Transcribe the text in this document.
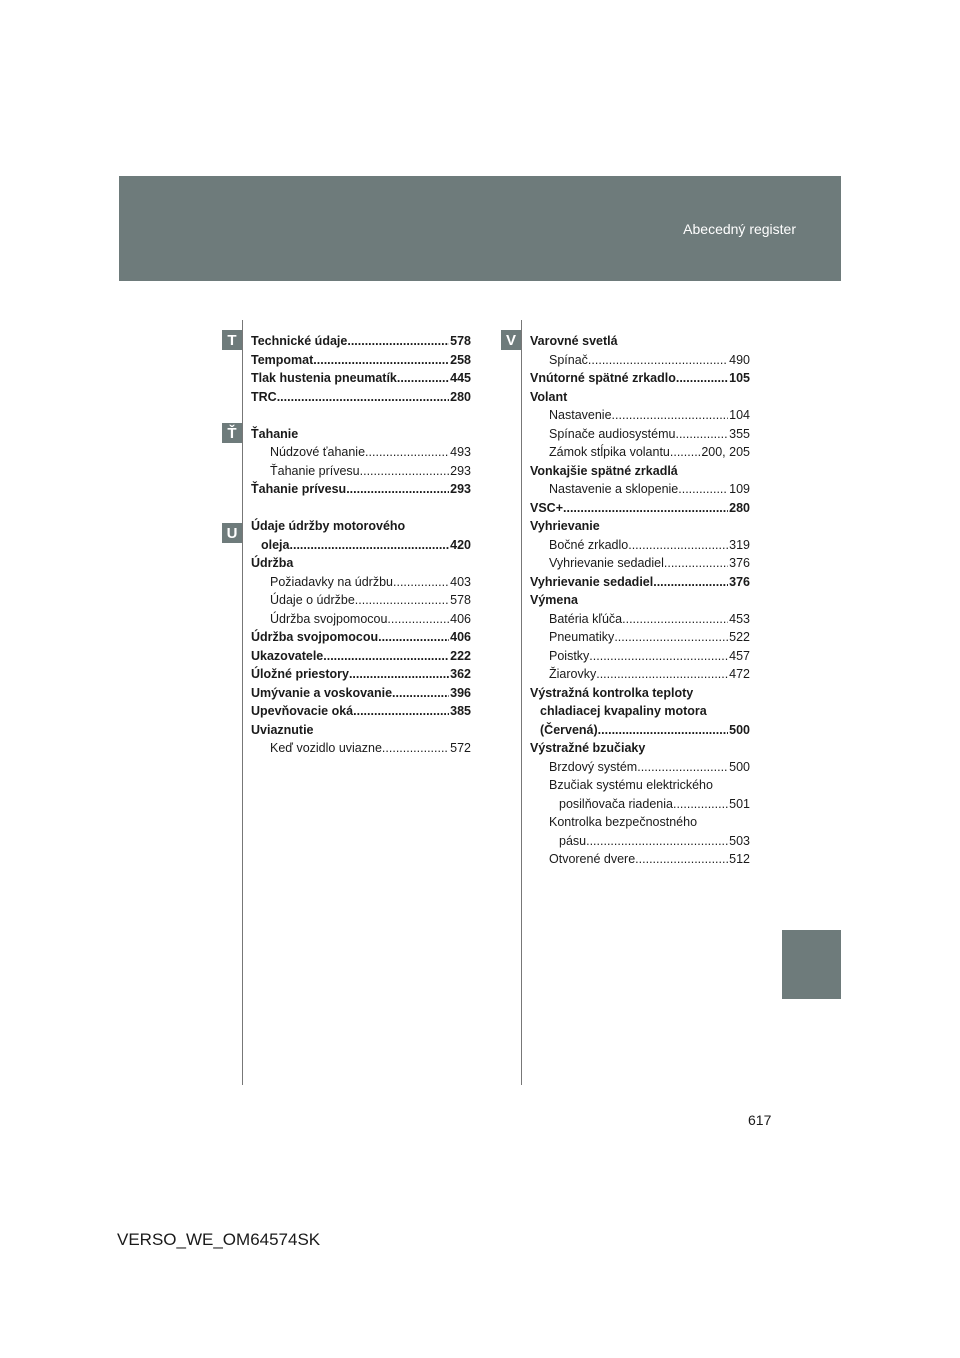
Abecedný register
T
Ť
U
V
Technické údaje .....	578
Tempomat .....	258
Tlak hustenia pneumatík .....	445
TRC .....	280
Ťahanie
Núdzové ťahanie .....	493
Ťahanie prívesu .....	293
Ťahanie prívesu .....	293
Údaje údržby motorového
oleja .....	420
Údržba
Požiadavky na údržbu .....	403
Údaje o údržbe .....	578
Údržba svojpomocou .....	406
Údržba svojpomocou .....	406
Ukazovatele .....	222
Úložné priestory .....	362
Umývanie a voskovanie .....	396
Upevňovacie oká .....	385
Uviaznutie
Keď vozidlo uviazne .....	572
Varovné svetlá
Spínač .....	490
Vnútorné spätné zrkadlo .....	105
Volant
Nastavenie .....	104
Spínače audiosystému .....	355
Zámok stĺpika volantu .....	200, 205
Vonkajšie spätné zrkadlá
Nastavenie a sklopenie .....	109
VSC+ .....	280
Vyhrievanie
Bočné zrkadlo .....	319
Vyhrievanie sedadiel .....	376
Vyhrievanie sedadiel .....	376
Výmena
Batéria kľúča .....	453
Pneumatiky .....	522
Poistky .....	457
Žiarovky .....	472
Výstražná kontrolka teploty
chladiacej kvapaliny motora
(Červená) .....	500
Výstražné bzučiaky
Brzdový systém .....	500
Bzučiak systému elektrického
posilňovača riadenia .....	501
Kontrolka bezpečnostného
pásu .....	503
Otvorené dvere .....	512
617
VERSO_WE_OM64574SK
